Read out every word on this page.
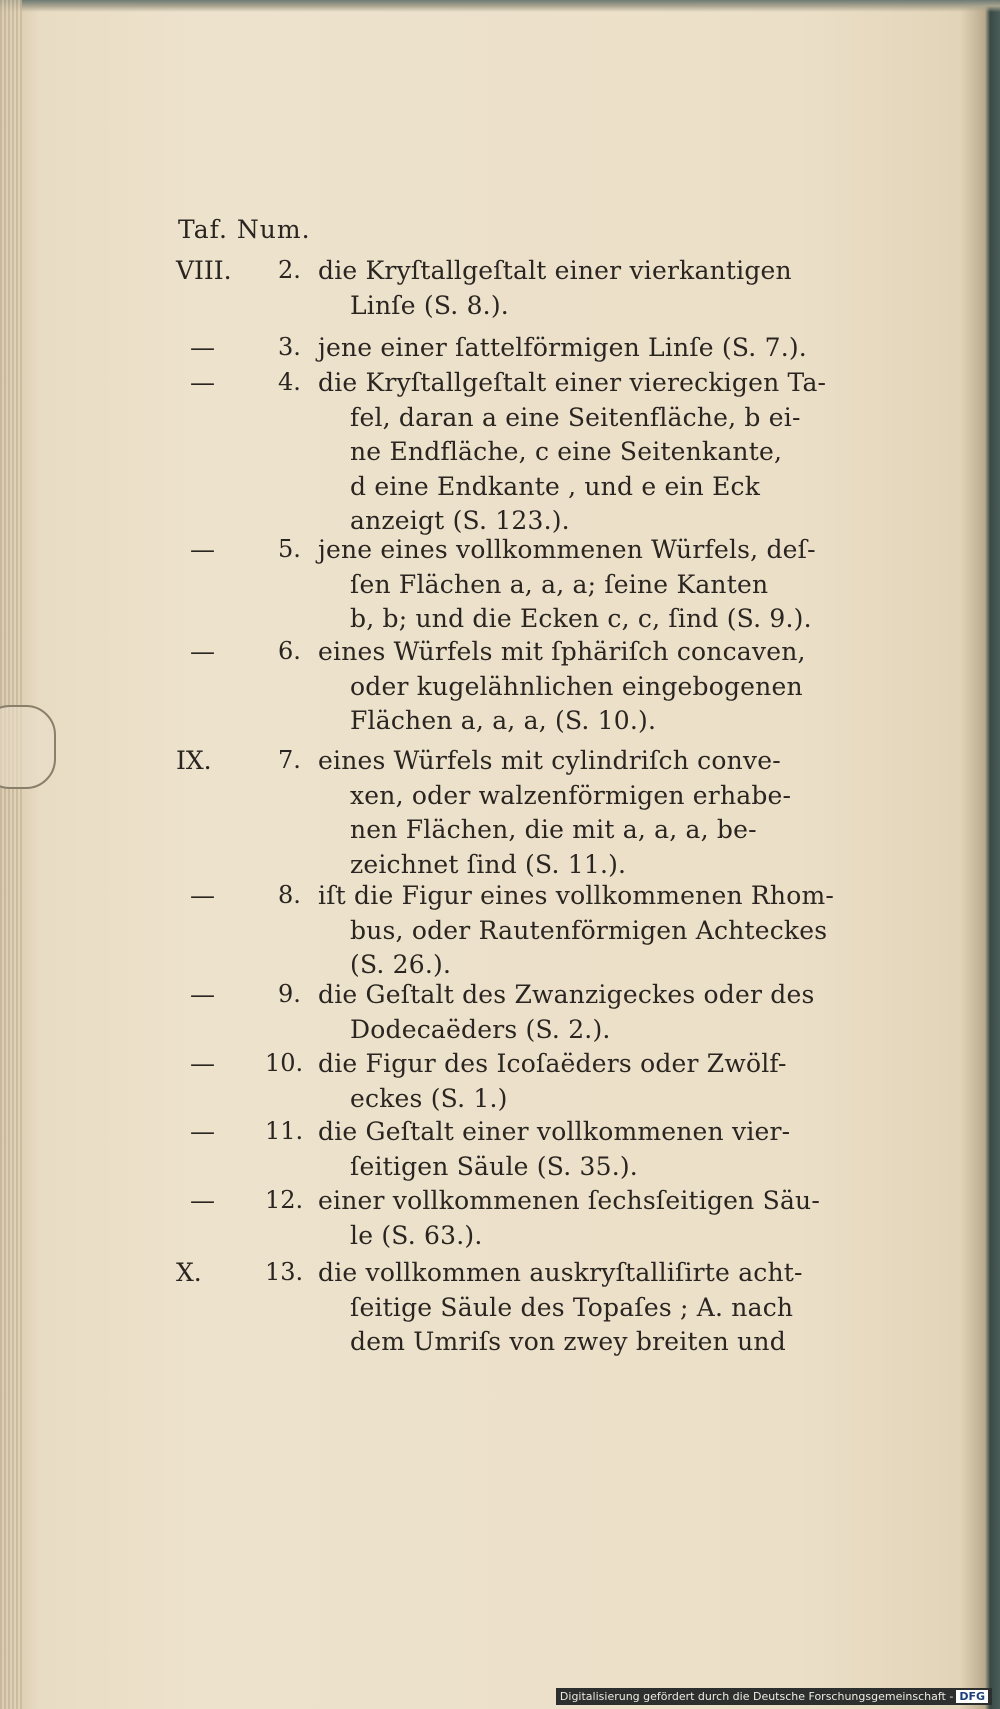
Taf. Num.
VIII. 2. die Kryſtallgeſtalt einer vierkantigen
Linſe (S. 8.).
—	3. jene einer ſattelförmigen Linſe (S. 7.).
—	4. die Kryſtallgeſtalt einer viereckigen Ta-
fel, daran a eine Seitenfläche, b ei-
ne Endfläche, c eine Seitenkante,
d eine Endkante , und e ein Eck
anzeigt (S. 123.).
—	5. jene eines vollkommenen Würfels, deſ-
ſen Flächen a, a, a; ſeine Kanten
b, b; und die Ecken c, c, ſind (S. 9.).
—	6. eines Würfels mit ſphäriſch concaven,
oder kugelähnlichen eingebogenen
Flächen a, a, a, (S. 10.).
IX.	7. eines Würfels mit cylindriſch conve-
xen, oder walzenförmigen erhabe-
nen Flächen, die mit a, a, a, be-
zeichnet ſind (S. 11.).
—	8. iſt die Figur eines vollkommenen Rhom-
bus, oder Rautenförmigen Achteckes
(S. 26.).
—	9. die Geſtalt des Zwanzigeckes oder des
Dodecaëders (S. 2.).
— 10. die Figur des Icoſaëders oder Zwölf-
eckes (S. 1.)
— 11. die Geſtalt einer vollkommenen vier-
ſeitigen Säule (S. 35.).
— 12. einer vollkommenen ſechsſeitigen Säu-
le (S. 63.).
X.	13. die vollkommen auskryſtalliſirte acht-
ſeitige Säule des Topaſes ; A. nach
dem Umriſs von zwey breiten und
Digitalisierung gefördert durch die Deutsche Forschungsgemeinschaft - DFG
